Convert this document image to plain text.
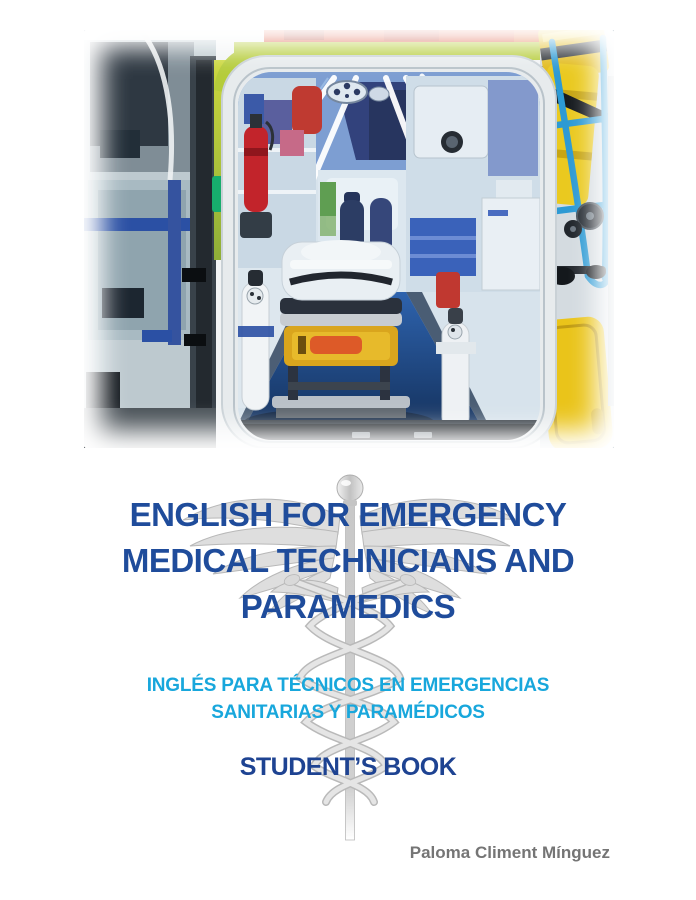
ENGLISH FOR EMERGENCY
MEDICAL TECHNICIANS AND
PARAMEDICS
INGLÉS PARA TÉCNICOS EN EMERGENCIAS
SANITARIAS Y PARAMÉDICOS
STUDENT’S BOOK
Paloma Climent Mínguez
